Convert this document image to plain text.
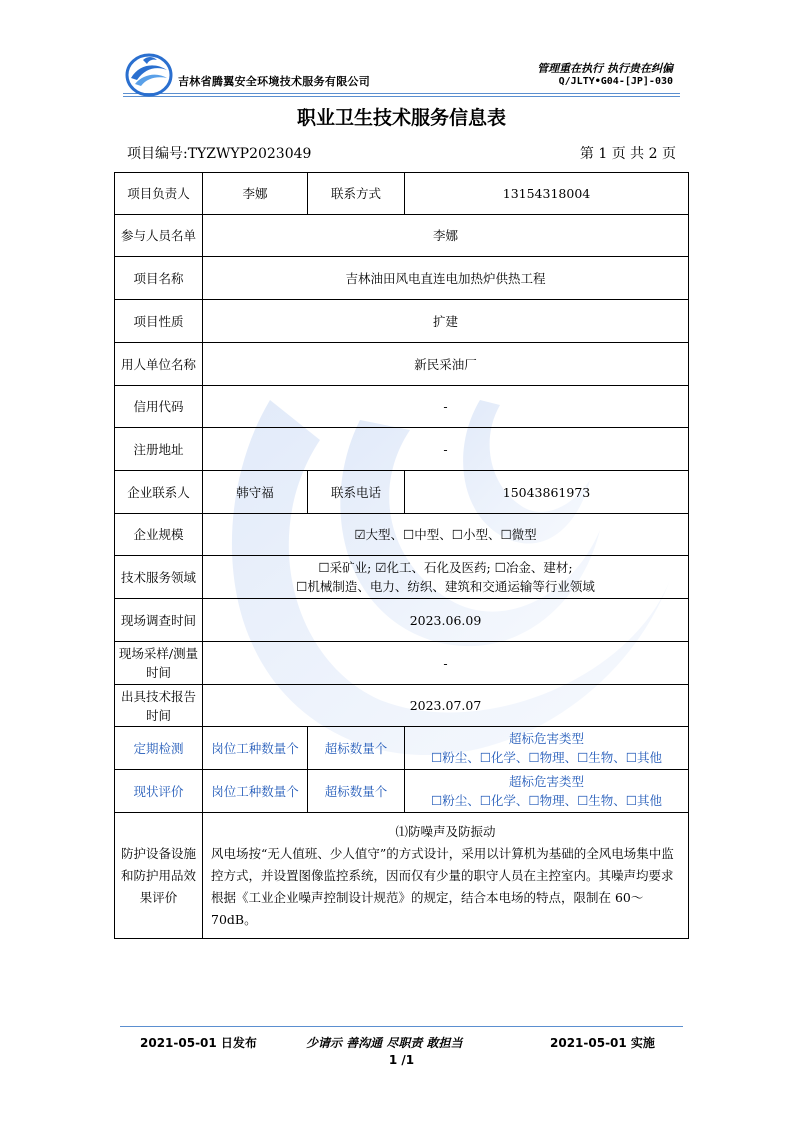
吉林省腾翼安全环境技术服务有限公司
管理重在执行 执行贵在纠偏
Q/JLTY•G04-[JP]-030
职业卫生技术服务信息表
项目编号:TYZWYP2023049	第 1 页 共 2 页
项目负责人	李娜	联系方式	13154318004
参与人员名单	李娜		
项目名称	吉林油田风电直连电加热炉供热工程		
项目性质	扩建		
用人单位名称	新民采油厂		
信用代码	-		
注册地址	-		
企业联系人	韩守福	联系电话	15043861973
企业规模	☑大型、☐中型、☐小型、☐微型		
技术服务领域	☐采矿业; ☑化工、石化及医药; ☐冶金、建材;
☐机械制造、电力、纺织、建筑和交通运输等行业领域		

现场调查时间	2023.06.09		
现场采样/测量时间	-		
出具技术报告时间	2023.07.07		
定期检测	岗位工种数量个	超标数量个	超标危害类型
☐粉尘、☐化学、☐物理、☐生物、☐其他

现状评价	岗位工种数量个	超标数量个	超标危害类型
☐粉尘、☐化学、☐物理、☐生物、☐其他

防护设备设施和防护用品效果评价	⑴防噪声及防振动
风电场按“无人值班、少人值守”的方式设计，采用以计算机为基础的全风电场集中监控方式，并设置图像监控系统，因而仅有少量的职守人员在主控室内。其噪声均要求根据《工业企业噪声控制设计规范》的规定，结合本电场的特点，限制在 60～70dB。		
2021-05-01 日发布	少请示 善沟通 尽职责 敢担当	2021-05-01 实施
1 /1
